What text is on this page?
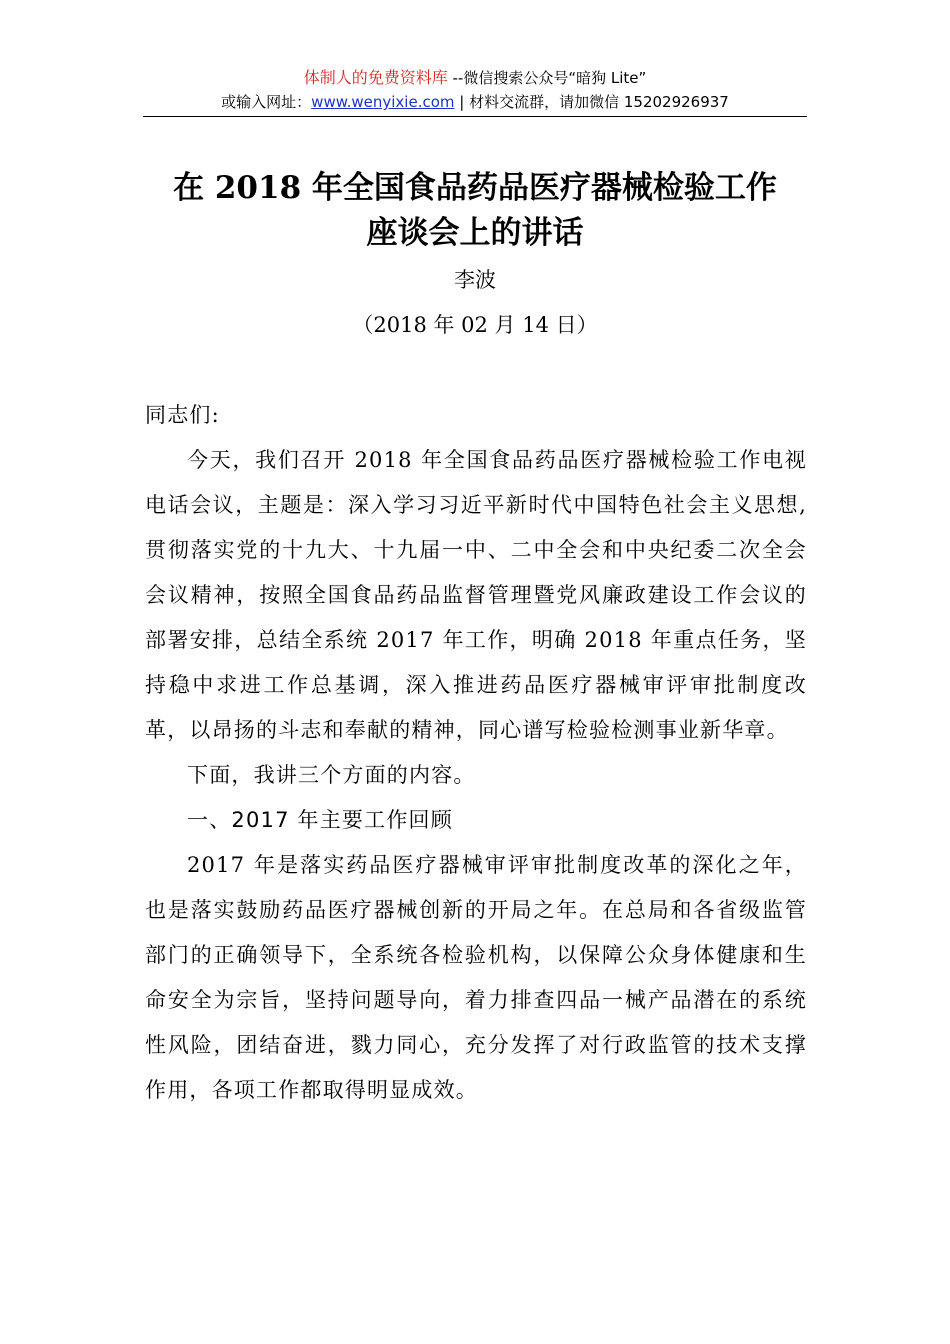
体制人的免费资料库 --微信搜索公众号“暗狗 Lite”
或输入网址：www.wenyixie.com | 材料交流群，请加微信 15202926937
在 2018 年全国食品药品医疗器械检验工作
座谈会上的讲话
李波
（2018 年 02 月 14 日）

同志们:

今天，我们召开 2018 年全国食品药品医疗器械检验工作电视电话会议，主题是：深入学习习近平新时代中国特色社会主义思想,贯彻落实党的十九大、十九届一中、二中全会和中央纪委二次全会会议精神，按照全国食品药品监督管理暨党风廉政建设工作会议的部署安排，总结全系统 2017 年工作，明确 2018 年重点任务，坚持稳中求进工作总基调，深入推进药品医疗器械审评审批制度改革，以昂扬的斗志和奉献的精神，同心谱写检验检测事业新华章。

下面，我讲三个方面的内容。

一、2017 年主要工作回顾

2017 年是落实药品医疗器械审评审批制度改革的深化之年，也是落实鼓励药品医疗器械创新的开局之年。在总局和各省级监管部门的正确领导下，全系统各检验机构，以保障公众身体健康和生命安全为宗旨，坚持问题导向，着力排查四品一械产品潜在的系统性风险，团结奋进，戮力同心，充分发挥了对行政监管的技术支撑作用，各项工作都取得明显成效。
